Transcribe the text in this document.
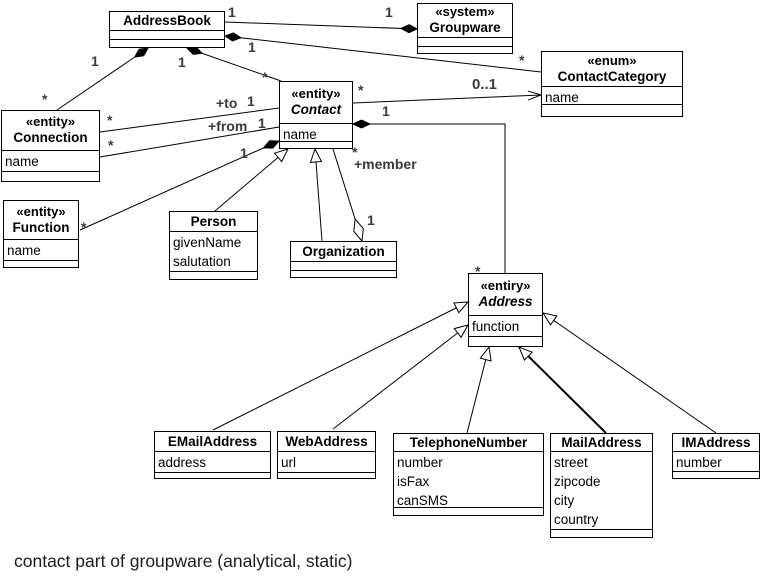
AddressBook
«system»
Groupware
«enum»
ContactCategory
name
«entity»
Connection
name
«entity»
Contact
name
«entity»
Function
name
Person
givenName
salutation
Organization
«entiry»
Address
function
EMailAddress
address
WebAddress
url
TelephoneNumber
number
isFax
canSMS
MailAddress
street
zipcode
city
country
IMAddress
number
1	1
1
*
1
*
1
*
*
+to 1
*
+from 1
1
*
*	0..1
1
*
*
+member
1
contact part of groupware (analytical, static)
